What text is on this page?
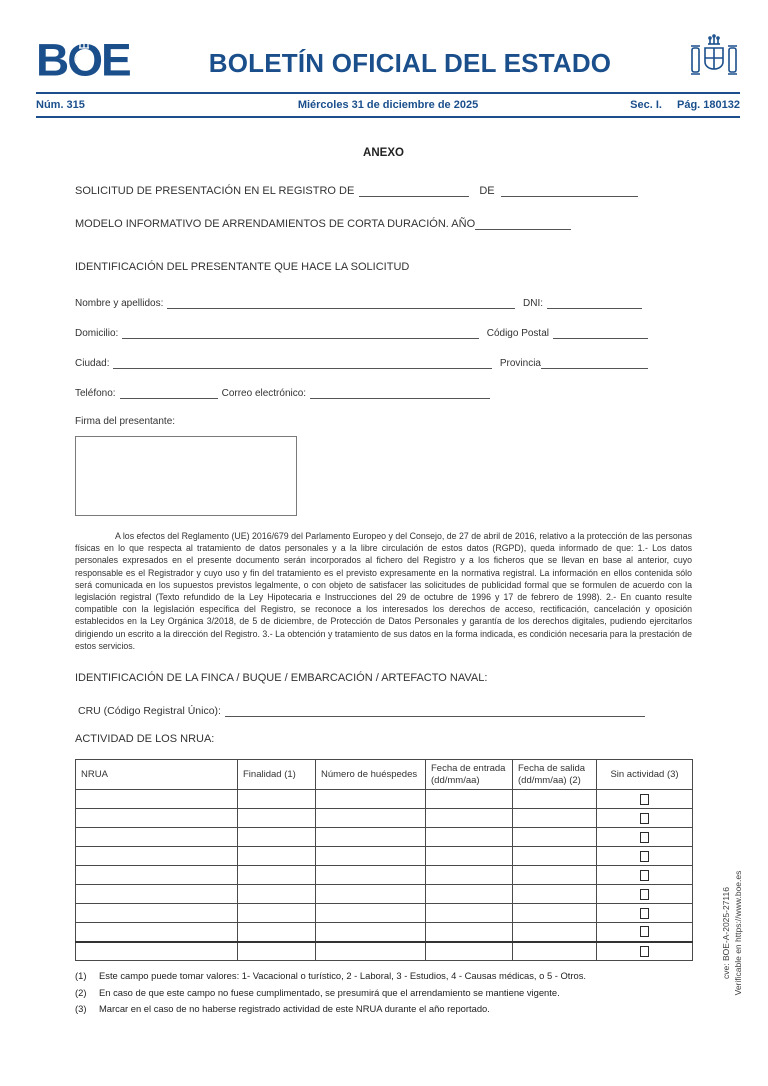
BOE	BOLETÍN OFICIAL DEL ESTADO
Núm. 315	Miércoles 31 de diciembre de 2025	Sec. I. Pág. 180132
ANEXO
SOLICITUD DE PRESENTACIÓN EN EL REGISTRO DE	DE
MODELO INFORMATIVO DE ARRENDAMIENTOS DE CORTA DURACIÓN. AÑO
IDENTIFICACIÓN DEL PRESENTANTE QUE HACE LA SOLICITUD
Nombre y apellidos:	DNI:
Domicilio:	Código Postal
Ciudad:	Provincia
Teléfono:	Correo electrónico:
Firma del presentante:

A los efectos del Reglamento (UE) 2016/679 del Parlamento Europeo y del Consejo, de 27 de abril de 2016, relativo a la protección de las personas físicas en lo que respecta al tratamiento de datos personales y a la libre circulación de estos datos (RGPD), queda informado de que: 1.- Los datos personales expresados en el presente documento serán incorporados al fichero del Registro y a los ficheros que se llevan en base al anterior, cuyo responsable es el Registrador y cuyo uso y fin del tratamiento es el previsto expresamente en la normativa registral. La información en ellos contenida sólo será comunicada en los supuestos previstos legalmente, o con objeto de satisfacer las solicitudes de publicidad formal que se formulen de acuerdo con la legislación registral (Texto refundido de la Ley Hipotecaria e Instrucciones del 29 de octubre de 1996 y 17 de febrero de 1998). 2.- En cuanto resulte compatible con la legislación específica del Registro, se reconoce a los interesados los derechos de acceso, rectificación, cancelación y oposición establecidos en la Ley Orgánica 3/2018, de 5 de diciembre, de Protección de Datos Personales y garantía de los derechos digitales, pudiendo ejercitarlos dirigiendo un escrito a la dirección del Registro. 3.- La obtención y tratamiento de sus datos en la forma indicada, es condición necesaria para la prestación de estos servicios.

IDENTIFICACIÓN DE LA FINCA / BUQUE / EMBARCACIÓN / ARTEFACTO NAVAL:
CRU (Código Registral Único):
ACTIVIDAD DE LOS NRUA:
NRUA	Finalidad (1)	Número de huéspedes	Fecha de entrada (dd/mm/aa)	Fecha de salida (dd/mm/aa) (2)	Sin actividad (3)

(1)	Este campo puede tomar valores: 1- Vacacional o turístico, 2 - Laboral, 3 - Estudios, 4 - Causas médicas, o 5 - Otros.
(2)	En caso de que este campo no fuese cumplimentado, se presumirá que el arrendamiento se mantiene vigente.
(3)	Marcar en el caso de no haberse registrado actividad de este NRUA durante el año reportado.
cve: BOE-A-2025-27116 Verificable en https://www.boe.es
